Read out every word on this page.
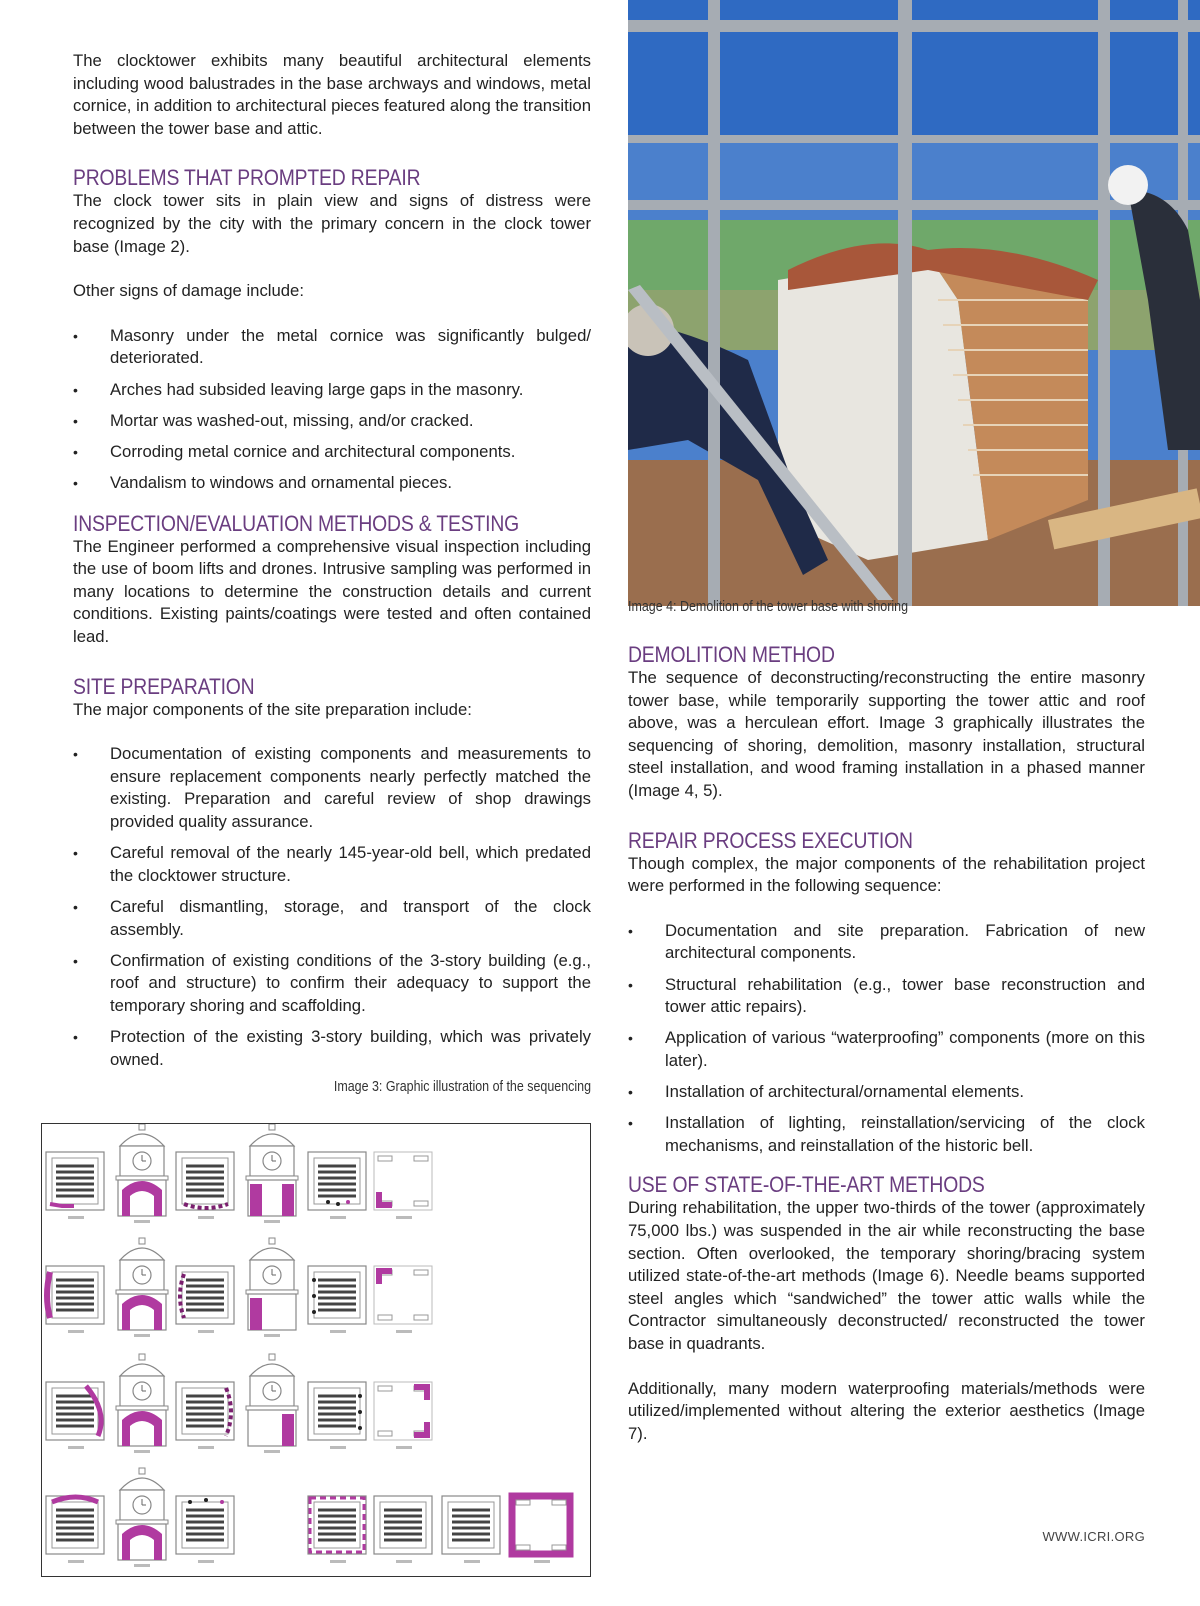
The clocktower exhibits many beautiful architectural elements including wood balustrades in the base archways and windows, metal cornice, in addition to architectural pieces featured along the transition between the tower base and attic.

PROBLEMS THAT PROMPTED REPAIR

The clock tower sits in plain view and signs of distress were recognized by the city with the primary concern in the clock tower base (Image 2).

Other signs of damage include:

•	Masonry under the metal cornice was significantly bulged/ deteriorated.
•	Arches had subsided leaving large gaps in the masonry.
•	Mortar was washed-out, missing, and/or cracked.
•	Corroding metal cornice and architectural components.
•	Vandalism to windows and ornamental pieces.
INSPECTION/EVALUATION METHODS & TESTING

The Engineer performed a comprehensive visual inspection including the use of boom lifts and drones. Intrusive sampling was performed in many locations to determine the construction details and current conditions. Existing paints/coatings were tested and often contained lead.

SITE PREPARATION

The major components of the site preparation include:

•	Documentation of existing components and measurements to ensure replacement components nearly perfectly matched the existing. Preparation and careful review of shop drawings provided quality assurance.
•	Careful removal of the nearly 145-year-old bell, which predated the clocktower structure.
•	Careful dismantling, storage, and transport of the clock assembly.
•	Confirmation of existing conditions of the 3-story building (e.g., roof and structure) to confirm their adequacy to support the temporary shoring and scaffolding.
•	Protection of the existing 3-story building, which was privately owned.
Image 3: Graphic illustration of the sequencing
Image 4: Demolition of the tower base with shoring
DEMOLITION METHOD

The sequence of deconstructing/reconstructing the entire masonry tower base, while temporarily supporting the tower attic and roof above, was a herculean effort. Image 3 graphically illustrates the sequencing of shoring, demolition, masonry installation, structural steel installation, and wood framing installation in a phased manner (Image 4, 5).

REPAIR PROCESS EXECUTION

Though complex, the major components of the rehabilitation project were performed in the following sequence:

•	Documentation and site preparation. Fabrication of new architectural components.
•	Structural rehabilitation (e.g., tower base reconstruction and tower attic repairs).
•	Application of various “waterproofing” components (more on this later).
•	Installation of architectural/ornamental elements.
•	Installation of lighting, reinstallation/servicing of the clock mechanisms, and reinstallation of the historic bell.
USE OF STATE-OF-THE-ART METHODS

During rehabilitation, the upper two-thirds of the tower (approximately 75,000 lbs.) was suspended in the air while reconstructing the base section. Often overlooked, the temporary shoring/bracing system utilized state-of-the-art methods (Image 6). Needle beams supported steel angles which “sandwiched” the tower attic walls while the Contractor simultaneously deconstructed/ reconstructed the tower base in quadrants.

Additionally, many modern waterproofing materials/methods were utilized/implemented without altering the exterior aesthetics (Image 7).

WWW.ICRI.ORG
